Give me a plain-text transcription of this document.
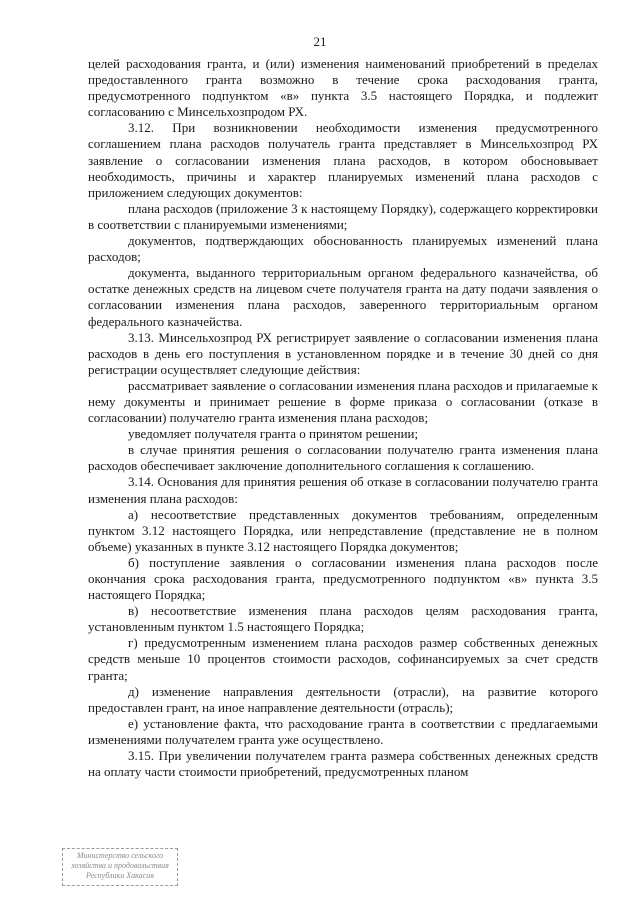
21

целей расходования гранта, и (или) изменения наименований приобретений в пределах предоставленного гранта возможно в течение срока расходования гранта, предусмотренного подпунктом «в» пункта 3.5 настоящего Порядка, и подлежит согласованию с Минсельхозпродом РХ.

3.12. При возникновении необходимости изменения предусмотренного соглашением плана расходов получатель гранта представляет в Минсельхозпрод РХ заявление о согласовании изменения плана расходов, в котором обосновывает необходимость, причины и характер планируемых изменений плана расходов с приложением следующих документов:

плана расходов (приложение 3 к настоящему Порядку), содержащего корректировки в соответствии с планируемыми изменениями;

документов, подтверждающих обоснованность планируемых изменений плана расходов;

документа, выданного территориальным органом федерального казначейства, об остатке денежных средств на лицевом счете получателя гранта на дату подачи заявления о согласовании изменения плана расходов, заверенного территориальным органом федерального казначейства.

3.13. Минсельхозпрод РХ регистрирует заявление о согласовании изменения плана расходов в день его поступления в установленном порядке и в течение 30 дней со дня регистрации осуществляет следующие действия:

рассматривает заявление о согласовании изменения плана расходов и прилагаемые к нему документы и принимает решение в форме приказа о согласовании (отказе в согласовании) получателю гранта изменения плана расходов;

уведомляет получателя гранта о принятом решении;

в случае принятия решения о согласовании получателю гранта изменения плана расходов обеспечивает заключение дополнительного соглашения к соглашению.

3.14. Основания для принятия решения об отказе в согласовании получателю гранта изменения плана расходов:

а) несоответствие представленных документов требованиям, определенным пунктом 3.12 настоящего Порядка, или непредставление (представление не в полном объеме) указанных в пункте 3.12 настоящего Порядка документов;

б) поступление заявления о согласовании изменения плана расходов после окончания срока расходования гранта, предусмотренного подпунктом «в» пункта 3.5 настоящего Порядка;

в) несоответствие изменения плана расходов целям расходования гранта, установленным пунктом 1.5 настоящего Порядка;

г) предусмотренным изменением плана расходов размер собственных денежных средств меньше 10 процентов стоимости расходов, софинансируемых за счет средств гранта;

д) изменение направления деятельности (отрасли), на развитие которого предоставлен грант, на иное направление деятельности (отрасль);

е) установление факта, что расходование гранта в соответствии с предлагаемыми изменениями получателем гранта уже осуществлено.

3.15. При увеличении получателем гранта размера собственных денежных средств на оплату части стоимости приобретений, предусмотренных планом

Министерство сельского
хозяйства и продовольствия
Республики Хакасия
